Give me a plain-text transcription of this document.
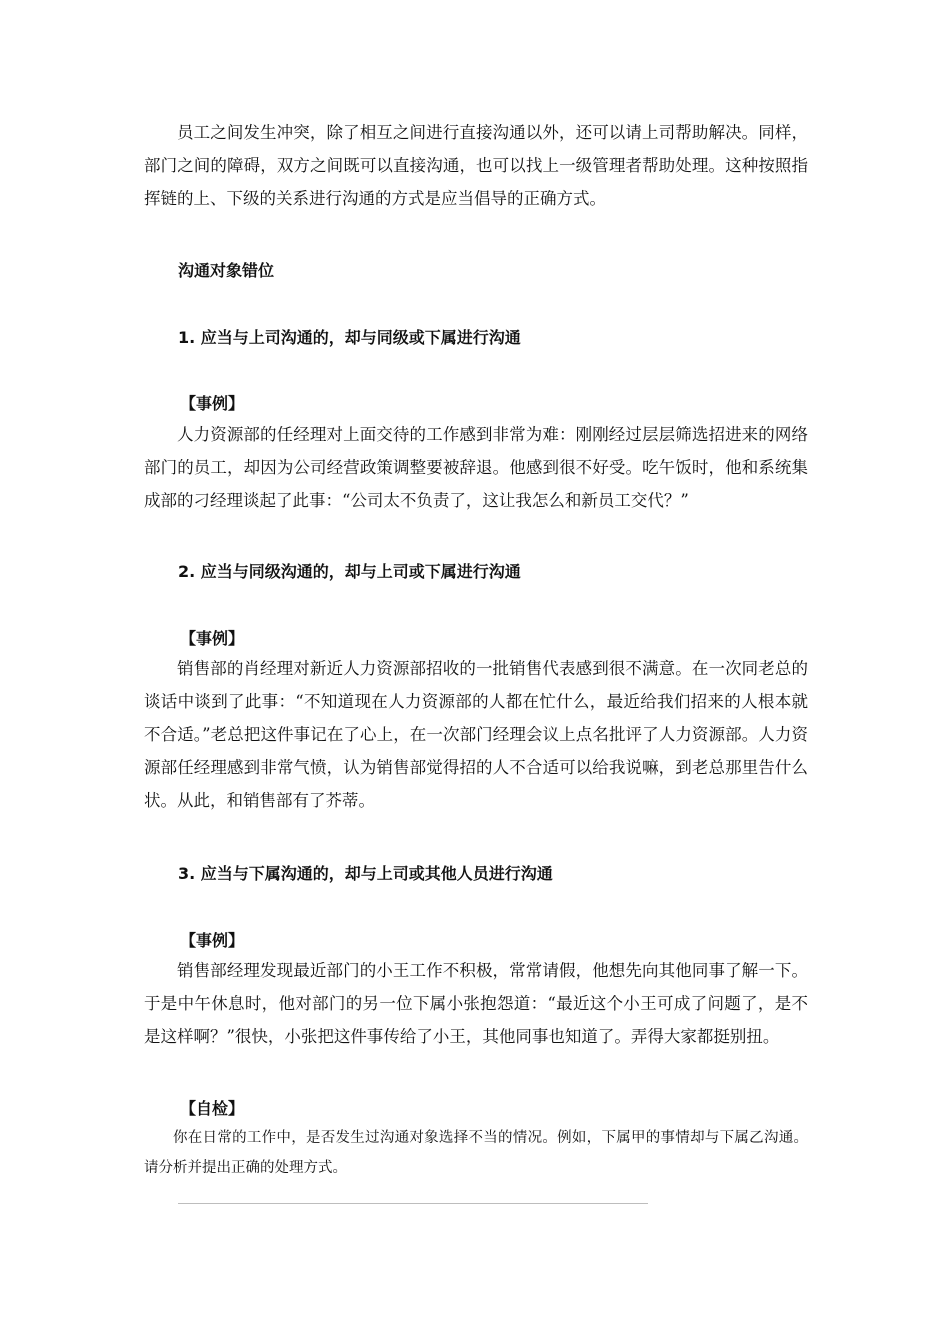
员工之间发生冲突，除了相互之间进行直接沟通以外，还可以请上司帮助解决。同样，部门之间的障碍，双方之间既可以直接沟通，也可以找上一级管理者帮助处理。这种按照指挥链的上、下级的关系进行沟通的方式是应当倡导的正确方式。

沟通对象错位

1. 应当与上司沟通的，却与同级或下属进行沟通

【事例】

人力资源部的任经理对上面交待的工作感到非常为难：刚刚经过层层筛选招进来的网络部门的员工，却因为公司经营政策调整要被辞退。他感到很不好受。吃午饭时，他和系统集成部的刁经理谈起了此事：“公司太不负责了，这让我怎么和新员工交代？”

2. 应当与同级沟通的，却与上司或下属进行沟通

【事例】

销售部的肖经理对新近人力资源部招收的一批销售代表感到很不满意。在一次同老总的谈话中谈到了此事：“不知道现在人力资源部的人都在忙什么，最近给我们招来的人根本就不合适。”老总把这件事记在了心上，在一次部门经理会议上点名批评了人力资源部。人力资源部任经理感到非常气愤，认为销售部觉得招的人不合适可以给我说嘛，到老总那里告什么状。从此，和销售部有了芥蒂。

3. 应当与下属沟通的，却与上司或其他人员进行沟通

【事例】

销售部经理发现最近部门的小王工作不积极，常常请假，他想先向其他同事了解一下。于是中午休息时，他对部门的另一位下属小张抱怨道：“最近这个小王可成了问题了，是不是这样啊？”很快，小张把这件事传给了小王，其他同事也知道了。弄得大家都挺别扭。

【自检】

你在日常的工作中，是否发生过沟通对象选择不当的情况。例如，下属甲的事情却与下属乙沟通。请分析并提出正确的处理方式。
